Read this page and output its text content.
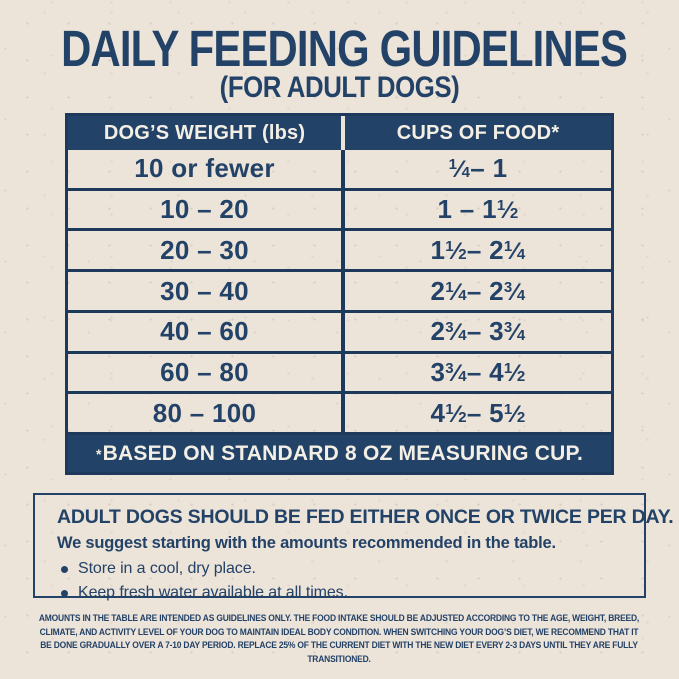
DAILY FEEDING GUIDELINES
(FOR ADULT DOGS)
DOG’S WEIGHT (lbs)	CUPS OF FOOD*
10 or fewer	$^1$⁄4 – 1
10 – 20	1 – 1 $^1$⁄2
20 – 30	1 $^1$⁄2 – 2 $^1$⁄4
30 – 40	2 $^1$⁄4 – 2 $^3$⁄4
40 – 60	2 $^3$⁄4 – 3 $^3$⁄4
60 – 80	3 $^3$⁄4 – 4 $^1$⁄2
80 – 100	4 $^1$⁄2 – 5 $^1$⁄2
* BASED ON STANDARD 8 OZ MEASURING CUP.
ADULT DOGS SHOULD BE FED EITHER ONCE OR TWICE PER DAY.
We suggest starting with the amounts recommended in the table.
Store in a cool, dry place.
Keep fresh water available at all times.
AMOUNTS IN THE TABLE ARE INTENDED AS GUIDELINES ONLY. THE FOOD INTAKE SHOULD BE ADJUSTED ACCORDING TO THE AGE, WEIGHT, BREED, CLIMATE, AND ACTIVITY LEVEL OF YOUR DOG TO MAINTAIN IDEAL BODY CONDITION. WHEN SWITCHING YOUR DOG’S DIET, WE RECOMMEND THAT IT BE DONE GRADUALLY OVER A 7-10 DAY PERIOD. REPLACE 25% OF THE CURRENT DIET WITH THE NEW DIET EVERY 2-3 DAYS UNTIL THEY ARE FULLY TRANSITIONED.
